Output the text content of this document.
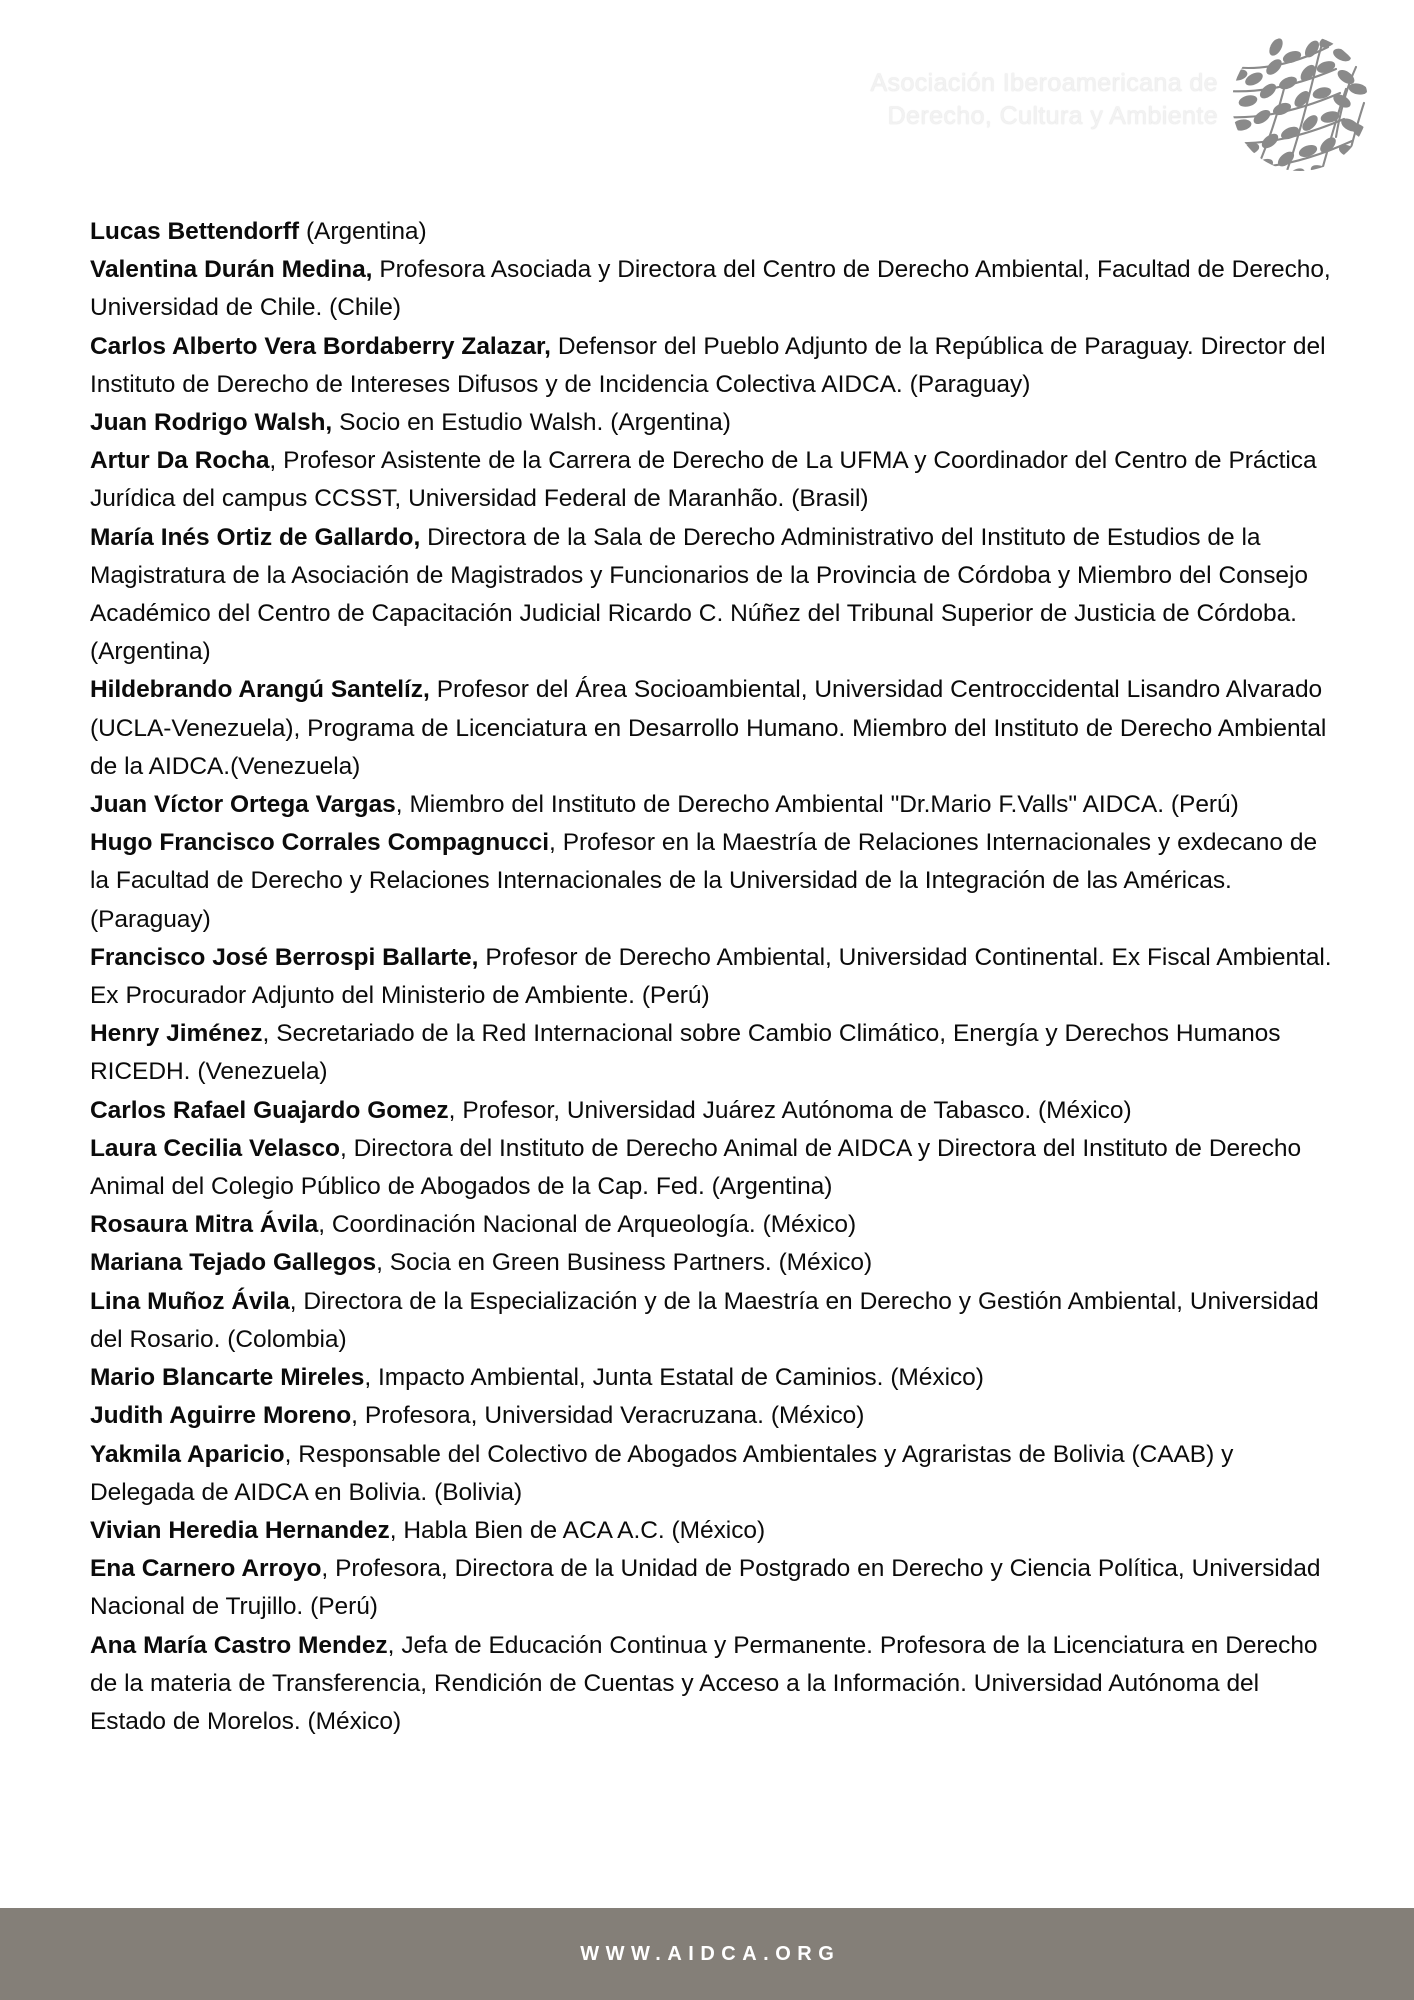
Asociación Iberoamericana de
Derecho, Cultura y Ambiente
Lucas Bettendorff (Argentina)
Valentina Durán Medina, Profesora Asociada y Directora del Centro de Derecho Ambiental, Facultad de Derecho, Universidad de Chile. (Chile)
Carlos Alberto Vera Bordaberry Zalazar, Defensor del Pueblo Adjunto de la República de Paraguay. Director del Instituto de Derecho de Intereses Difusos y de Incidencia Colectiva AIDCA. (Paraguay)
Juan Rodrigo Walsh, Socio en Estudio Walsh. (Argentina)
Artur Da Rocha, Profesor Asistente de la Carrera de Derecho de La UFMA y Coordinador del Centro de Práctica Jurídica del campus CCSST, Universidad Federal de Maranhão. (Brasil)
María Inés Ortiz de Gallardo, Directora de la Sala de Derecho Administrativo del Instituto de Estudios de la Magistratura de la Asociación de Magistrados y Funcionarios de la Provincia de Córdoba y Miembro del Consejo Académico del Centro de Capacitación Judicial Ricardo C. Núñez del Tribunal Superior de Justicia de Córdoba. (Argentina)
Hildebrando Arangú Santelíz, Profesor del Área Socioambiental, Universidad Centroccidental Lisandro Alvarado (UCLA-Venezuela), Programa de Licenciatura en Desarrollo Humano. Miembro del Instituto de Derecho Ambiental de la AIDCA.(Venezuela)
Juan Víctor Ortega Vargas, Miembro del Instituto de Derecho Ambiental "Dr.Mario F.Valls" AIDCA. (Perú)
Hugo Francisco Corrales Compagnucci, Profesor en la Maestría de Relaciones Internacionales y exdecano de la Facultad de Derecho y Relaciones Internacionales de la Universidad de la Integración de las Américas. (Paraguay)
Francisco José Berrospi Ballarte, Profesor de Derecho Ambiental, Universidad Continental. Ex Fiscal Ambiental. Ex Procurador Adjunto del Ministerio de Ambiente. (Perú)
Henry Jiménez, Secretariado de la Red Internacional sobre Cambio Climático, Energía y Derechos Humanos RICEDH. (Venezuela)
Carlos Rafael Guajardo Gomez, Profesor, Universidad Juárez Autónoma de Tabasco. (México)
Laura Cecilia Velasco, Directora del Instituto de Derecho Animal de AIDCA y Directora del Instituto de Derecho Animal del Colegio Público de Abogados de la Cap. Fed. (Argentina)
Rosaura Mitra Ávila, Coordinación Nacional de Arqueología. (México)
Mariana Tejado Gallegos, Socia en Green Business Partners. (México)
Lina Muñoz Ávila, Directora de la Especialización y de la Maestría en Derecho y Gestión Ambiental, Universidad del Rosario. (Colombia)
Mario Blancarte Mireles, Impacto Ambiental, Junta Estatal de Caminios. (México)
Judith Aguirre Moreno, Profesora, Universidad Veracruzana. (México)
Yakmila Aparicio, Responsable del Colectivo de Abogados Ambientales y Agraristas de Bolivia (CAAB) y Delegada de AIDCA en Bolivia. (Bolivia)
Vivian Heredia Hernandez, Habla Bien de ACA A.C. (México)
Ena Carnero Arroyo, Profesora, Directora de la Unidad de Postgrado en Derecho y Ciencia Política, Universidad Nacional de Trujillo. (Perú)
Ana María Castro Mendez, Jefa de Educación Continua y Permanente. Profesora de la Licenciatura en Derecho de la materia de Transferencia, Rendición de Cuentas y Acceso a la Información. Universidad Autónoma del Estado de Morelos. (México)
WWW.AIDCA.ORG
